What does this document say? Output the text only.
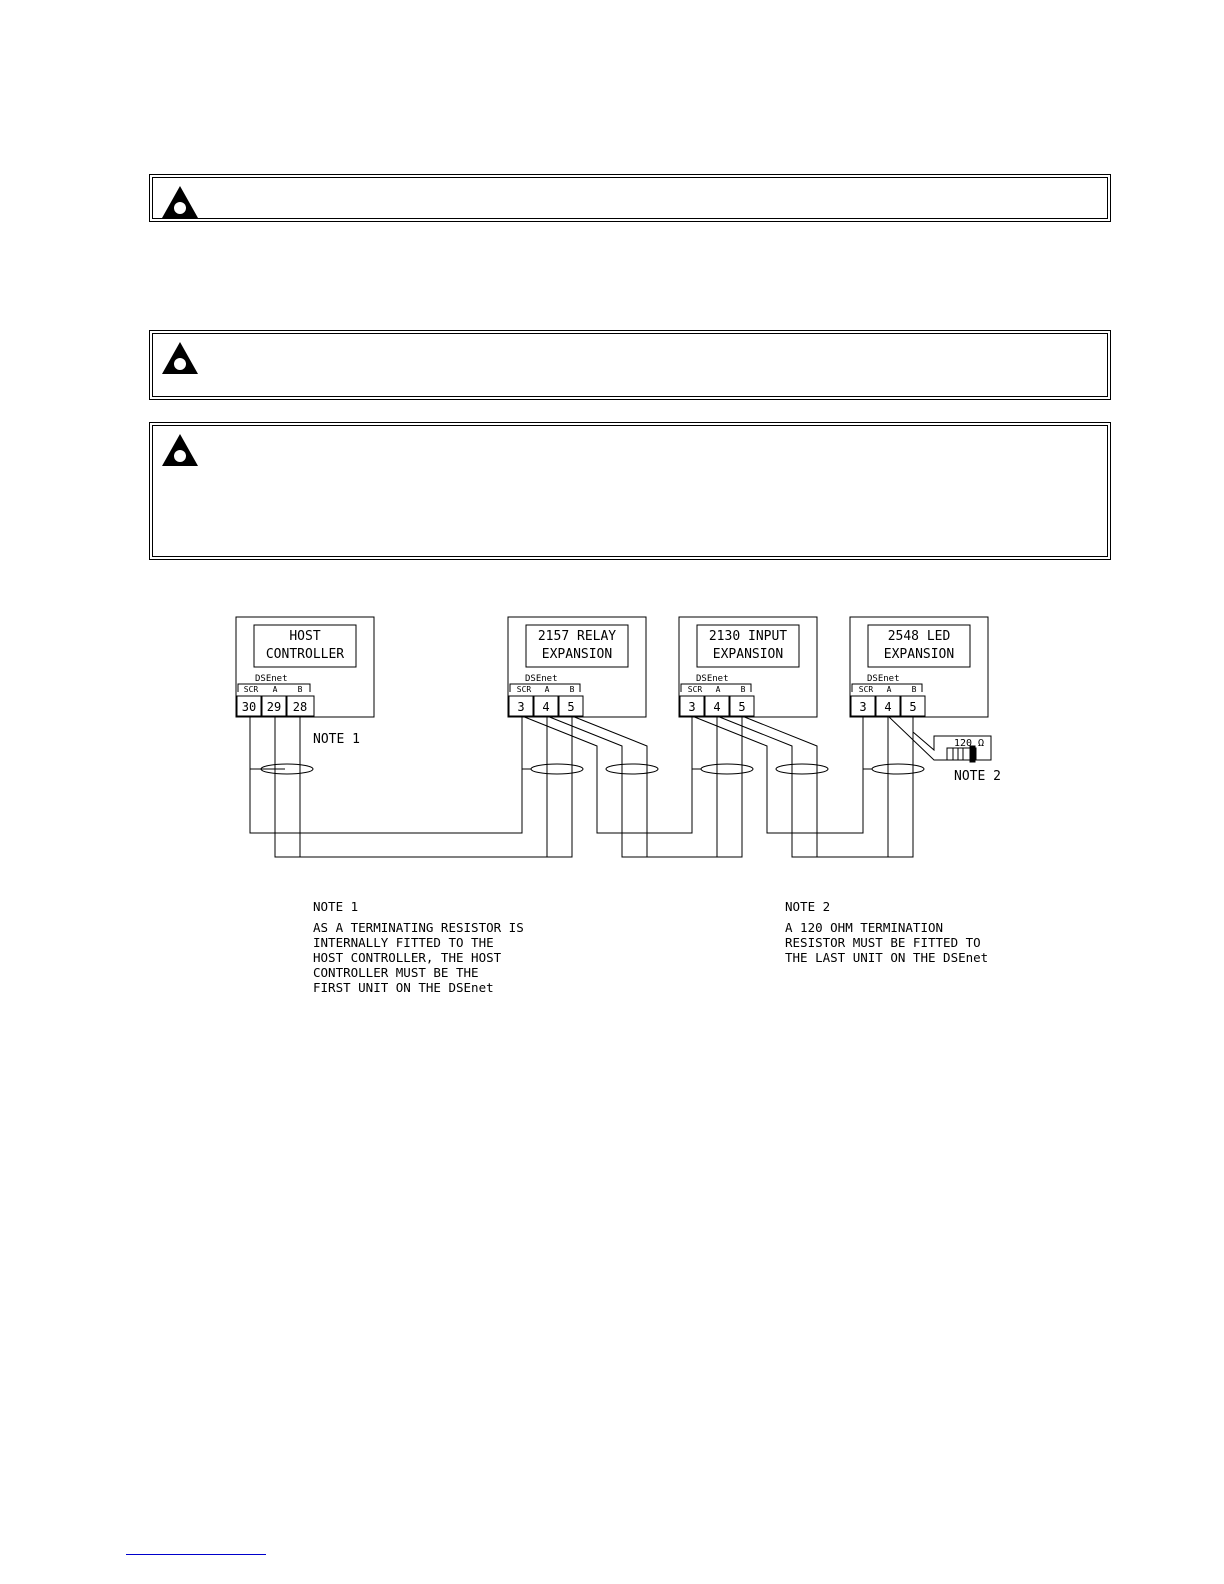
HOST
CONTROLLER
DSEnet
SCR A	B
30 29 28
2157 RELAY
EXPANSION
DSEnet
SCR A	B
3 4 5
2130 INPUT
EXPANSION
DSEnet
SCR A	B
3 4 5
2548 LED
EXPANSION
DSEnet
SCR A	B
3 4 5
NOTE 1	120 Ω
NOTE 2
NOTE 1
AS A TERMINATING RESISTOR IS
INTERNALLY FITTED TO THE
HOST CONTROLLER, THE HOST
CONTROLLER MUST BE THE
FIRST UNIT ON THE DSEnet
NOTE 2
A 120 OHM TERMINATION
RESISTOR MUST BE FITTED TO
THE LAST UNIT ON THE DSEnet
